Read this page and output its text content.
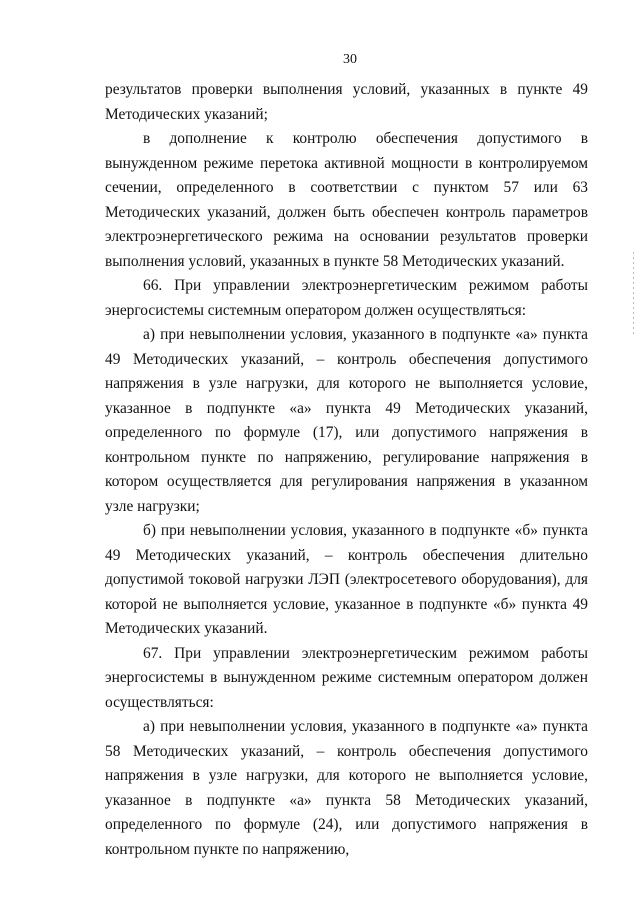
30

результатов проверки выполнения условий, указанных в пункте 49 Методических указаний;

в дополнение к контролю обеспечения допустимого в вынужденном режиме перетока активной мощности в контролируемом сечении, определенного в соответствии с пунктом 57 или 63 Методических указаний, должен быть обеспечен контроль параметров электроэнергетического режима на основании результатов проверки выполнения условий, указанных в пункте 58 Методических указаний.

66. При управлении электроэнергетическим режимом работы энергосистемы системным оператором должен осуществляться:

а) при невыполнении условия, указанного в подпункте «а» пункта 49 Методических указаний, – контроль обеспечения допустимого напряжения в узле нагрузки, для которого не выполняется условие, указанное в подпункте «а» пункта 49 Методических указаний, определенного по формуле (17), или допустимого напряжения в контрольном пункте по напряжению, регулирование напряжения в котором осуществляется для регулирования напряжения в указанном узле нагрузки;

б) при невыполнении условия, указанного в подпункте «б» пункта 49 Методических указаний, – контроль обеспечения длительно допустимой токовой нагрузки ЛЭП (электросетевого оборудования), для которой не выполняется условие, указанное в подпункте «б» пункта 49 Методических указаний.

67. При управлении электроэнергетическим режимом работы энергосистемы в вынужденном режиме системным оператором должен осуществляться:

а) при невыполнении условия, указанного в подпункте «а» пункта 58 Методических указаний, – контроль обеспечения допустимого напряжения в узле нагрузки, для которого не выполняется условие, указанное в подпункте «а» пункта 58 Методических указаний, определенного по формуле (24), или допустимого напряжения в контрольном пункте по напряжению,
